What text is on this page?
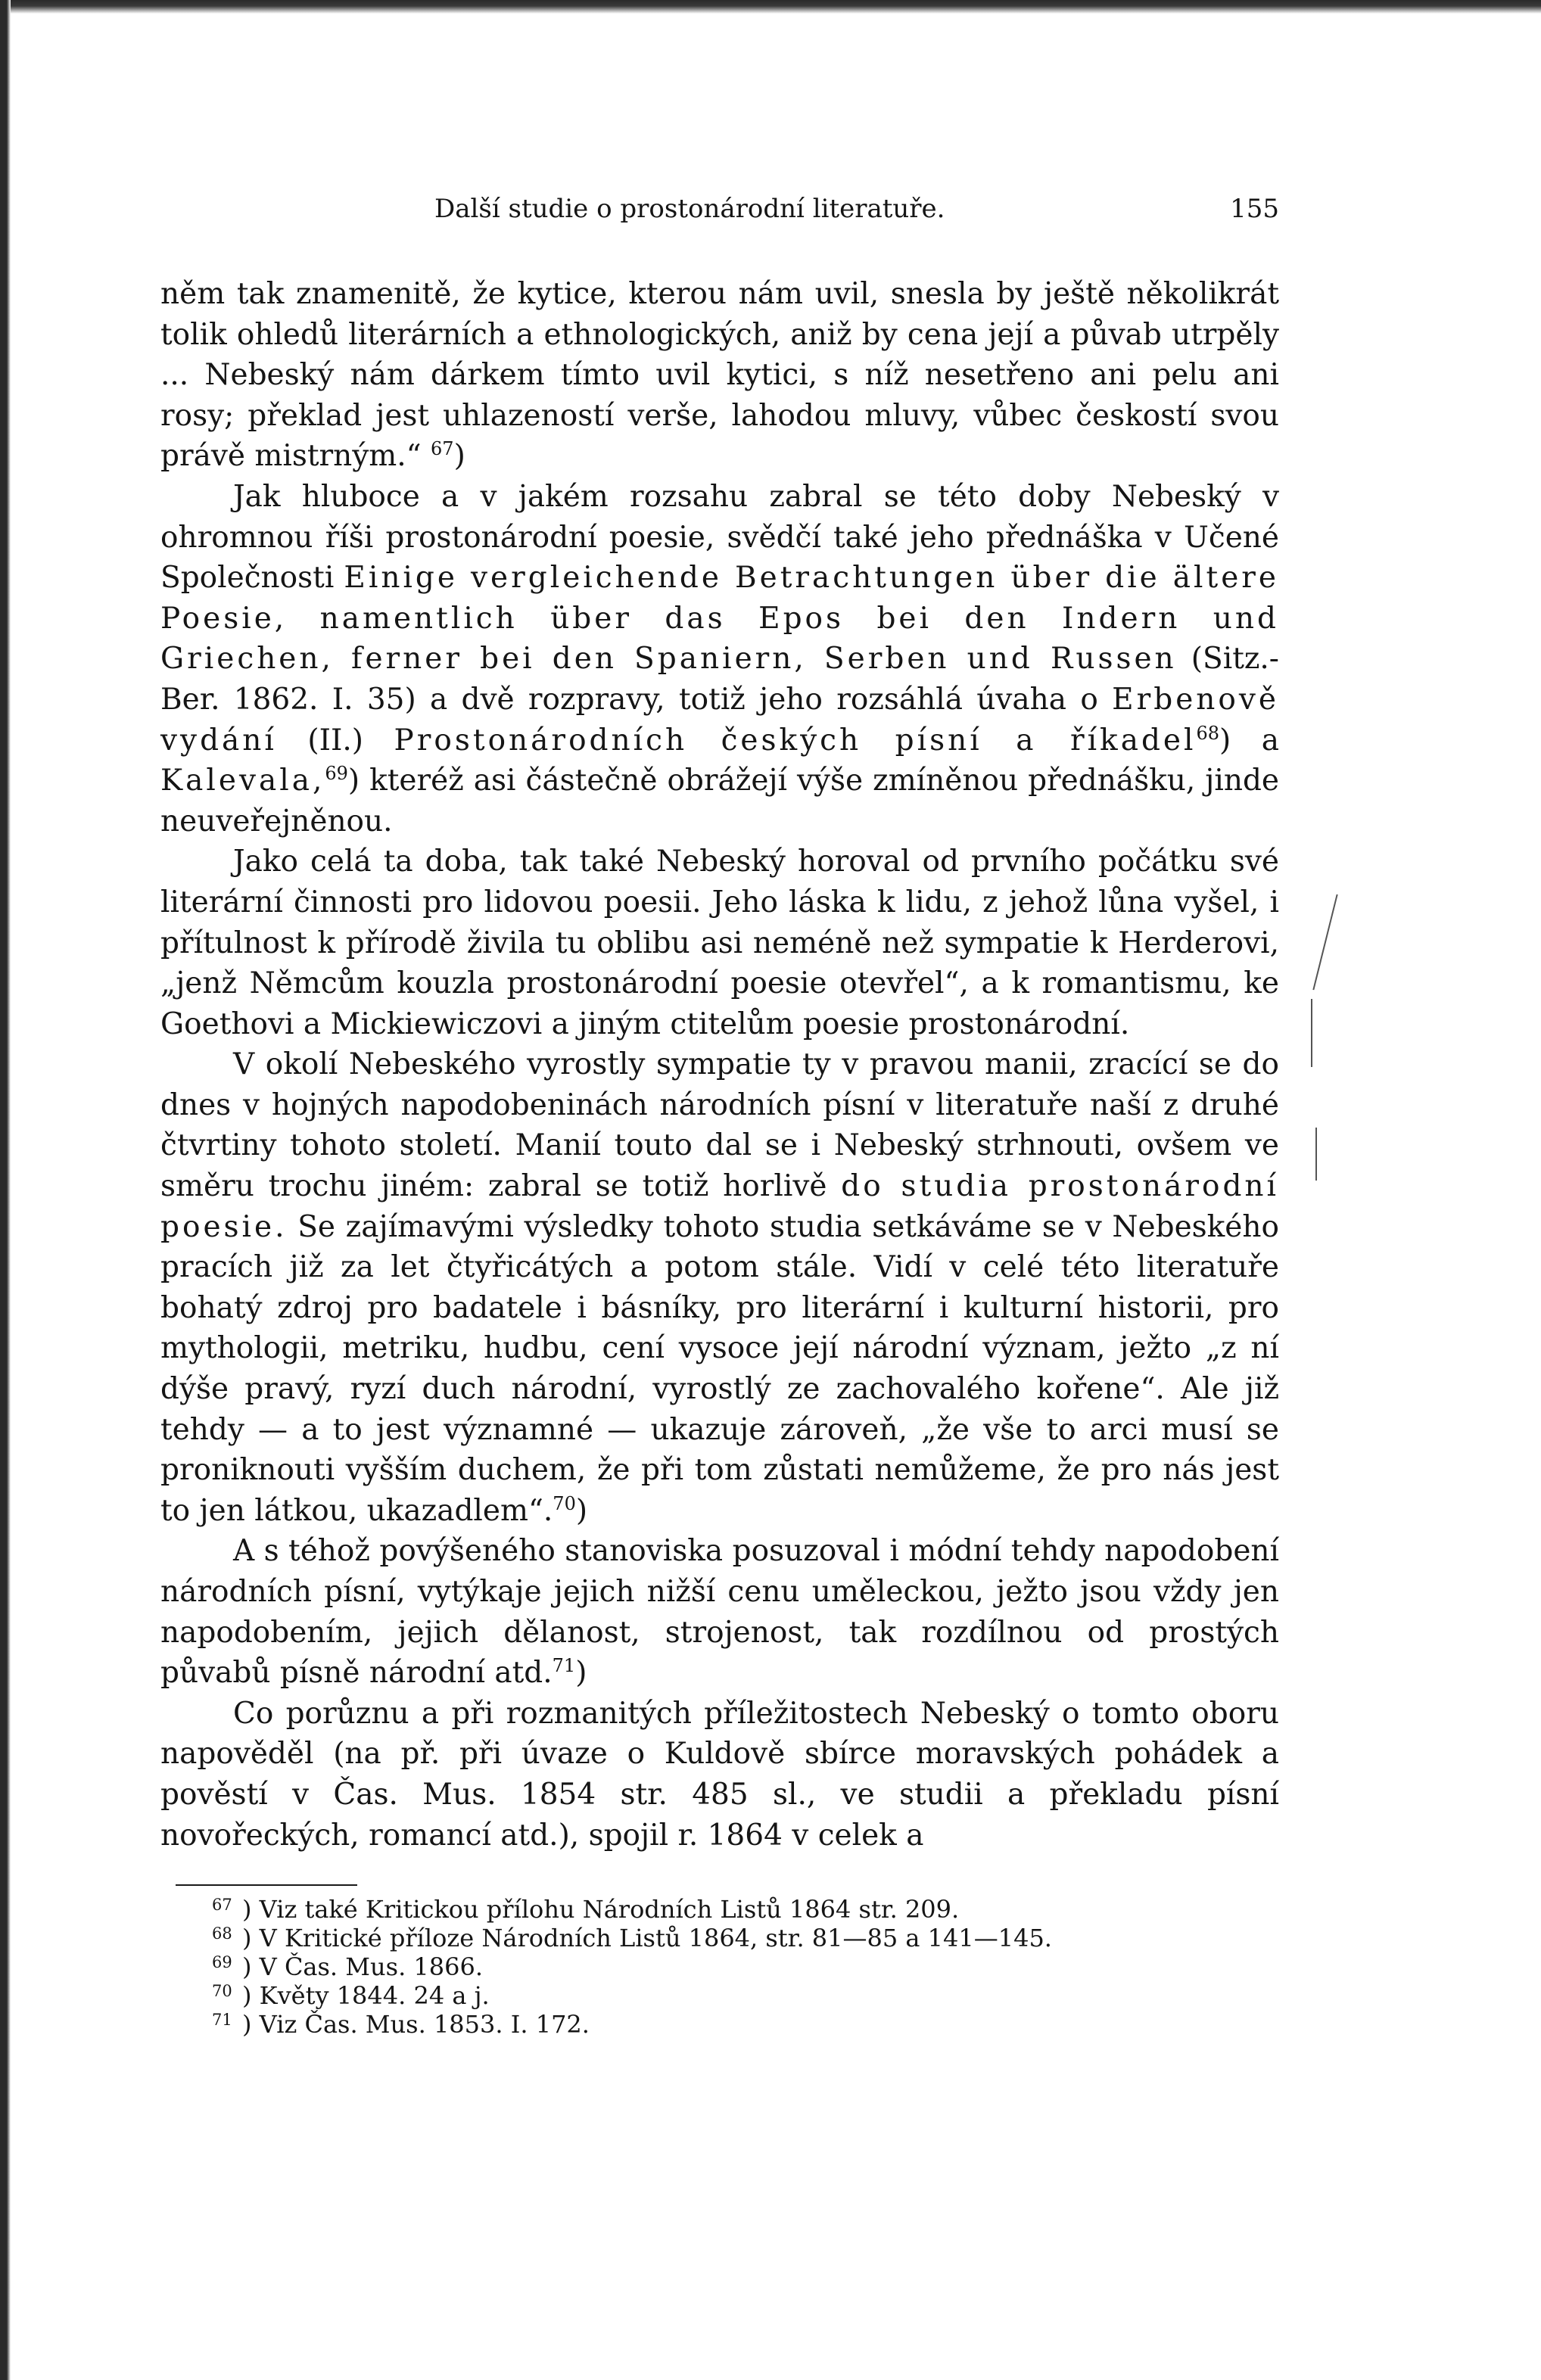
Další studie o prostonárodní literatuře.	155

něm tak znamenitě, že kytice, kterou nám uvil, snesla by ještě několikrát tolik ohledů literárních a ethnologických, aniž by cena její a půvab utrpěly ... Nebeský nám dárkem tímto uvil kytici, s níž nesetřeno ani pelu ani rosy; překlad jest uhlazeností verše, lahodou mluvy, vůbec českostí svou právě mistrným.“ $^{67}$)

Jak hluboce a v jakém rozsahu zabral se této doby Nebeský v ohromnou říši prostonárodní poesie, svědčí také jeho přednáška v Učené Společnosti Einige vergleichende Betrachtungen über die ältere Poesie, namentlich über das Epos bei den Indern und Griechen, ferner bei den Spaniern, Serben und Russen (Sitz.-Ber. 1862. I. 35) a dvě rozpravy, totiž jeho rozsáhlá úvaha o Erbenově vydání (II.) Prostonárodních českých písní a říkadel$^{68}$) a Kalevala,$^{69}$) kteréž asi částečně obrážejí výše zmíněnou přednášku, jinde neuveřejněnou.

Jako celá ta doba, tak také Nebeský horoval od prvního počátku své literární činnosti pro lidovou poesii. Jeho láska k lidu, z jehož lůna vyšel, i přítulnost k přírodě živila tu oblibu asi neméně než sympatie k Herderovi, „jenž Němcům kouzla prostonárodní poesie otevřel“, a k romantismu, ke Goethovi a Mickiewiczovi a jiným ctitelům poesie prostonárodní.

V okolí Nebeského vyrostly sympatie ty v pravou manii, zracící se do dnes v hojných napodobeninách národních písní v literatuře naší z druhé čtvrtiny tohoto století. Manií touto dal se i Nebeský strhnouti, ovšem ve směru trochu jiném: zabral se totiž horlivě do studia prostonárodní poesie. Se zajímavými výsledky tohoto studia setkáváme se v Nebeského pracích již za let čtyřicátých a potom stále. Vidí v celé této literatuře bohatý zdroj pro badatele i básníky, pro literární i kulturní historii, pro mythologii, metriku, hudbu, cení vysoce její národní význam, ježto „z ní dýše pravý, ryzí duch národní, vyrostlý ze zachovalého kořene“. Ale již tehdy — a to jest významné — ukazuje zároveň, „že vše to arci musí se proniknouti vyšším duchem, že při tom zůstati nemůžeme, že pro nás jest to jen látkou, ukazadlem“.$^{70}$)

A s téhož povýšeného stanoviska posuzoval i módní tehdy napodobení národních písní, vytýkaje jejich nižší cenu uměleckou, ježto jsou vždy jen napodobením, jejich dělanost, strojenost, tak rozdílnou od prostých půvabů písně národní atd.$^{71}$)

Co porůznu a při rozmanitých příležitostech Nebeský o tomto oboru napověděl (na př. při úvaze o Kuldově sbírce moravských pohádek a pověstí v Čas. Mus. 1854 str. 485 sl., ve studii a překladu písní novořeckých, romancí atd.), spojil r. 1864 v celek a

67 ) Viz také Kritickou přílohu Národních Listů 1864 str. 209.
68 ) V Kritické příloze Národních Listů 1864, str. 81—85 a 141—145.
69 ) V Čas. Mus. 1866.
70 ) Květy 1844. 24 a j.
71 ) Viz Čas. Mus. 1853. I. 172.
